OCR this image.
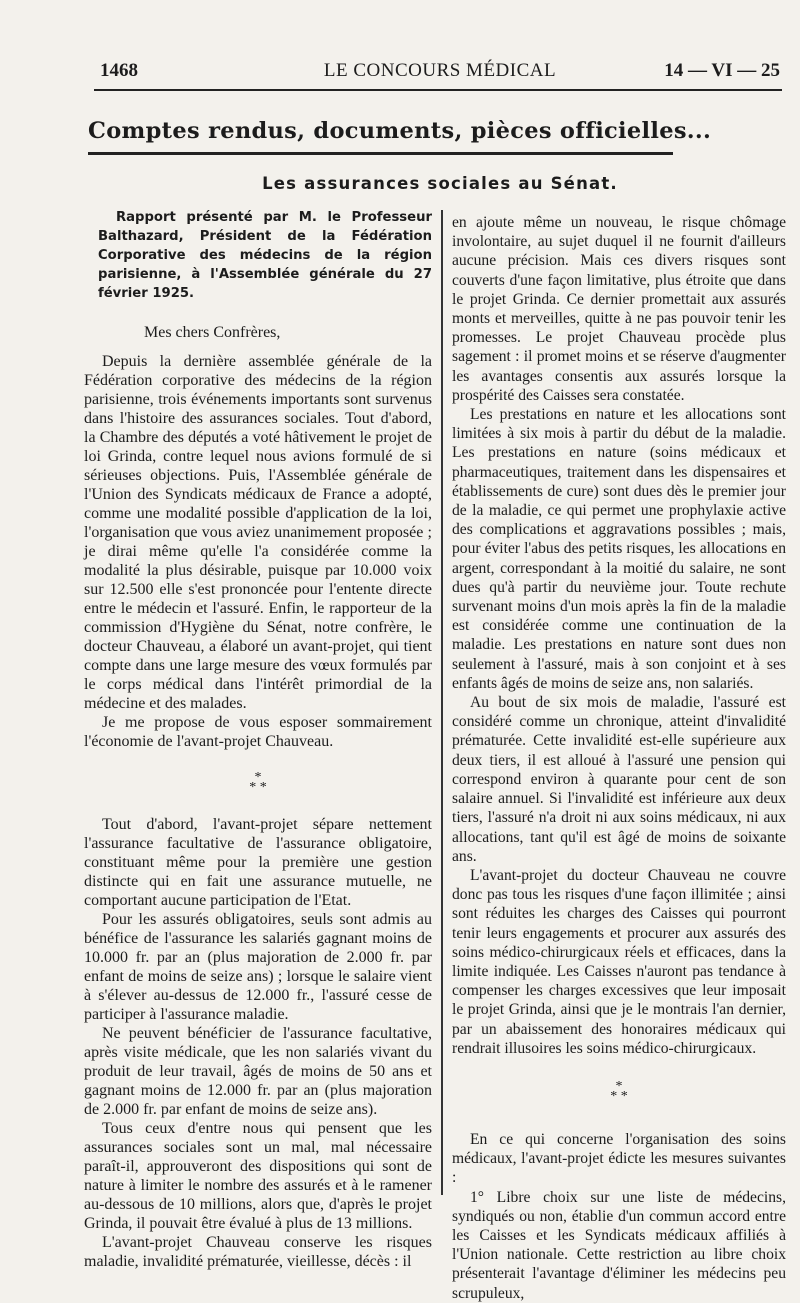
1468	LE CONCOURS MÉDICAL	14 — VI — 25
Comptes rendus, documents, pièces officielles...
Les assurances sociales au Sénat.

Rapport présenté par M. le Professeur Balthazard, Président de la Fédération Corporative des médecins de la région parisienne, à l'Assemblée générale du 27 février 1925.

Mes chers Confrères,

Depuis la dernière assemblée générale de la Fédération corporative des médecins de la région parisienne, trois événements importants sont survenus dans l'histoire des assurances sociales. Tout d'abord, la Chambre des députés a voté hâtivement le projet de loi Grinda, contre lequel nous avions formulé de si sérieuses objections. Puis, l'Assemblée générale de l'Union des Syndicats médicaux de France a adopté, comme une modalité possible d'application de la loi, l'organisation que vous aviez unanimement proposée ; je dirai même qu'elle l'a considérée comme la modalité la plus désirable, puisque par 10.000 voix sur 12.500 elle s'est prononcée pour l'entente directe entre le médecin et l'assuré. Enfin, le rapporteur de la commission d'Hygiène du Sénat, notre confrère, le docteur Chauveau, a élaboré un avant-projet, qui tient compte dans une large mesure des vœux formulés par le corps médical dans l'intérêt primordial de la médecine et des malades.

Je me propose de vous esposer sommairement l'économie de l'avant-projet Chauveau.

*
* *

Tout d'abord, l'avant-projet sépare nettement l'assurance facultative de l'assurance obligatoire, constituant même pour la première une gestion distincte qui en fait une assurance mutuelle, ne comportant aucune participation de l'Etat.

Pour les assurés obligatoires, seuls sont admis au bénéfice de l'assurance les salariés gagnant moins de 10.000 fr. par an (plus majoration de 2.000 fr. par enfant de moins de seize ans) ; lorsque le salaire vient à s'élever au-dessus de 12.000 fr., l'assuré cesse de participer à l'assurance maladie.

Ne peuvent bénéficier de l'assurance facultative, après visite médicale, que les non salariés vivant du produit de leur travail, âgés de moins de 50 ans et gagnant moins de 12.000 fr. par an (plus majoration de 2.000 fr. par enfant de moins de seize ans).

Tous ceux d'entre nous qui pensent que les assurances sociales sont un mal, mal nécessaire paraît-il, approuveront des dispositions qui sont de nature à limiter le nombre des assurés et à le ramener au-dessous de 10 millions, alors que, d'après le projet Grinda, il pouvait être évalué à plus de 13 millions.

L'avant-projet Chauveau conserve les risques maladie, invalidité prématurée, vieillesse, décès : il

en ajoute même un nouveau, le risque chômage involontaire, au sujet duquel il ne fournit d'ailleurs aucune précision. Mais ces divers risques sont couverts d'une façon limitative, plus étroite que dans le projet Grinda. Ce dernier promettait aux assurés monts et merveilles, quitte à ne pas pouvoir tenir les promesses. Le projet Chauveau procède plus sagement : il promet moins et se réserve d'augmenter les avantages consentis aux assurés lorsque la prospérité des Caisses sera constatée.

Les prestations en nature et les allocations sont limitées à six mois à partir du début de la maladie. Les prestations en nature (soins médicaux et pharmaceutiques, traitement dans les dispensaires et établissements de cure) sont dues dès le premier jour de la maladie, ce qui permet une prophylaxie active des complications et aggravations possibles ; mais, pour éviter l'abus des petits risques, les allocations en argent, correspondant à la moitié du salaire, ne sont dues qu'à partir du neuvième jour. Toute rechute survenant moins d'un mois après la fin de la maladie est considérée comme une continuation de la maladie. Les prestations en nature sont dues non seulement à l'assuré, mais à son conjoint et à ses enfants âgés de moins de seize ans, non salariés.

Au bout de six mois de maladie, l'assuré est considéré comme un chronique, atteint d'invalidité prématurée. Cette invalidité est-elle supérieure aux deux tiers, il est alloué à l'assuré une pension qui correspond environ à quarante pour cent de son salaire annuel. Si l'invalidité est inférieure aux deux tiers, l'assuré n'a droit ni aux soins médicaux, ni aux allocations, tant qu'il est âgé de moins de soixante ans.

L'avant-projet du docteur Chauveau ne couvre donc pas tous les risques d'une façon illimitée ; ainsi sont réduites les charges des Caisses qui pourront tenir leurs engagements et procurer aux assurés des soins médico-chirurgicaux réels et efficaces, dans la limite indiquée. Les Caisses n'auront pas tendance à compenser les charges excessives que leur imposait le projet Grinda, ainsi que je le montrais l'an dernier, par un abaissement des honoraires médicaux qui rendrait illusoires les soins médico-chirurgicaux.

*
* *

En ce qui concerne l'organisation des soins médicaux, l'avant-projet édicte les mesures suivantes :

1° Libre choix sur une liste de médecins, syndiqués ou non, établie d'un commun accord entre les Caisses et les Syndicats médicaux affiliés à l'Union nationale. Cette restriction au libre choix présenterait l'avantage d'éliminer les médecins peu scrupuleux,
